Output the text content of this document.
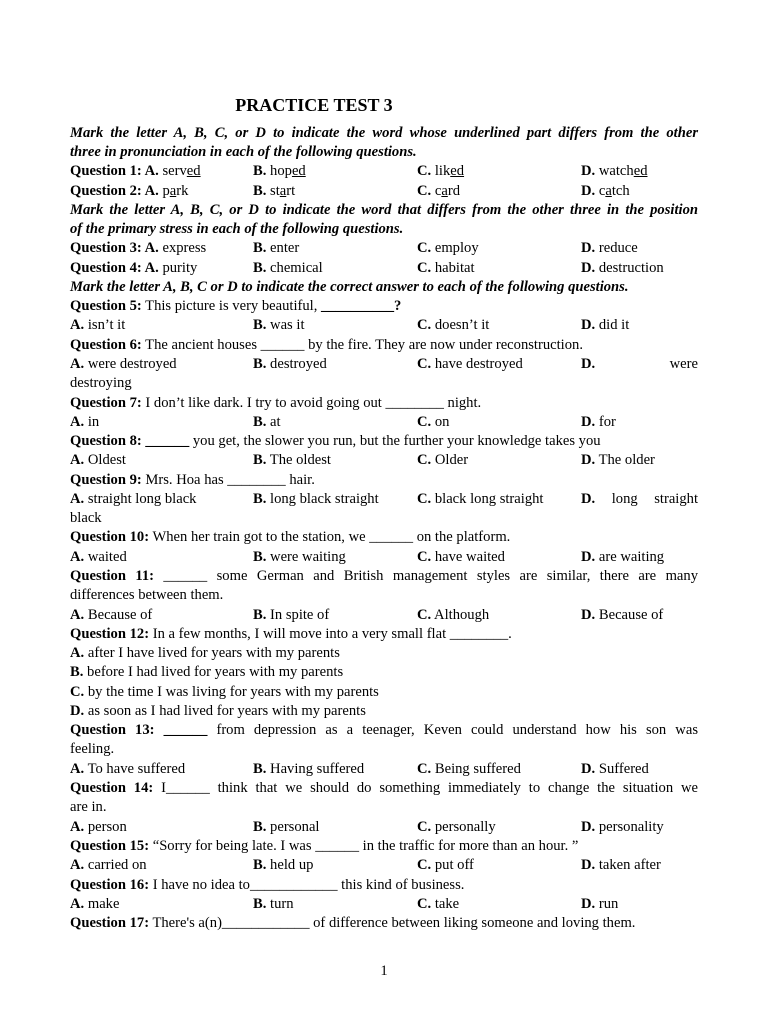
PRACTICE TEST 3
Mark the letter A, B, C, or D to indicate the word whose underlined part differs from the other
three in pronunciation in each of the following questions.
Question 1: A. served	B. hoped	C. liked	D. watched
Question 2: A. park	B. start	C. card	D. catch
Mark the letter A, B, C, or D to indicate the word that differs from the other three in the position
of the primary stress in each of the following questions.
Question 3: A. express	B. enter	C. employ	D. reduce
Question 4: A. purity	B. chemical	C. habitat	D. destruction
Mark the letter A, B, C or D to indicate the correct answer to each of the following questions.
Question 5: This picture is very beautiful, __________?
A. isn’t it	B. was it	C. doesn’t it	D. did it
Question 6: The ancient houses ______ by the fire. They are now under reconstruction.
A. were destroyed	B. destroyed	C. have destroyed	D.	were
destroying
Question 7: I don’t like dark. I try to avoid going out ________ night.
A. in	B. at	C. on	D. for
Question 8: ______ you get, the slower you run, but the further your knowledge takes you
A. Oldest	B. The oldest	C. Older	D. The older
Question 9: Mrs. Hoa has ________ hair.
A. straight long black	B. long black straight	C. black long straight	D. long straight
black
Question 10: When her train got to the station, we ______ on the platform.
A. waited	B. were waiting	C. have waited	D. are waiting
Question 11: ______ some German and British management styles are similar, there are many
differences between them.
A. Because of	B. In spite of	C. Although	D. Because of
Question 12: In a few months, I will move into a very small flat ________.
A. after I have lived for years with my parents
B. before I had lived for years with my parents
C. by the time I was living for years with my parents
D. as soon as I had lived for years with my parents
Question 13: ______ from depression as a teenager, Keven could understand how his son was
feeling.
A. To have suffered	B. Having suffered	C. Being suffered	D. Suffered
Question 14: I______ think that we should do something immediately to change the situation we
are in.
A. person	B. personal	C. personally	D. personality
Question 15: “Sorry for being late. I was ______ in the traffic for more than an hour. ”
A. carried on	B. held up	C. put off	D. taken after
Question 16: I have no idea to____________ this kind of business.
A. make	B. turn	C. take	D. run
Question 17: There's a(n)____________ of difference between liking someone and loving them.
1
